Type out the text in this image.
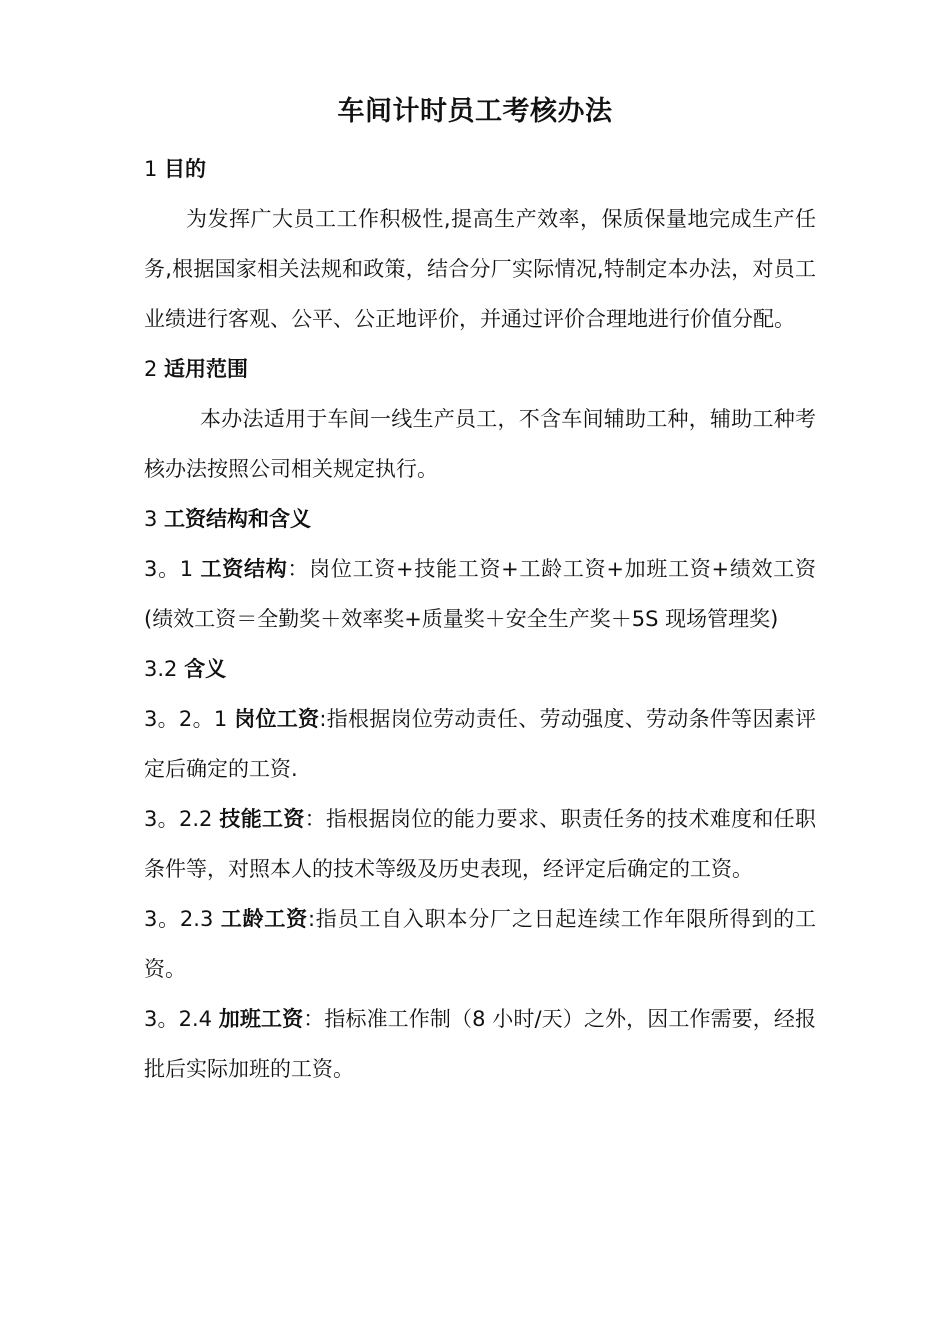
车间计时员工考核办法

1 目的

为发挥广大员工工作积极性,提高生产效率，保质保量地完成生产任务,根据国家相关法规和政策，结合分厂实际情况,特制定本办法，对员工业绩进行客观、公平、公正地评价，并通过评价合理地进行价值分配。

2 适用范围

本办法适用于车间一线生产员工，不含车间辅助工种，辅助工种考核办法按照公司相关规定执行。

3 工资结构和含义

3。1 工资结构：岗位工资+技能工资+工龄工资+加班工资+绩效工资(绩效工资＝全勤奖＋效率奖+质量奖＋安全生产奖＋5S 现场管理奖)

3.2 含义

3。2。1 岗位工资:指根据岗位劳动责任、劳动强度、劳动条件等因素评定后确定的工资.

3。2.2 技能工资：指根据岗位的能力要求、职责任务的技术难度和任职条件等，对照本人的技术等级及历史表现，经评定后确定的工资。

3。2.3 工龄工资:指员工自入职本分厂之日起连续工作年限所得到的工资。

3。2.4 加班工资：指标准工作制（8 小时/天）之外，因工作需要，经报批后实际加班的工资。
